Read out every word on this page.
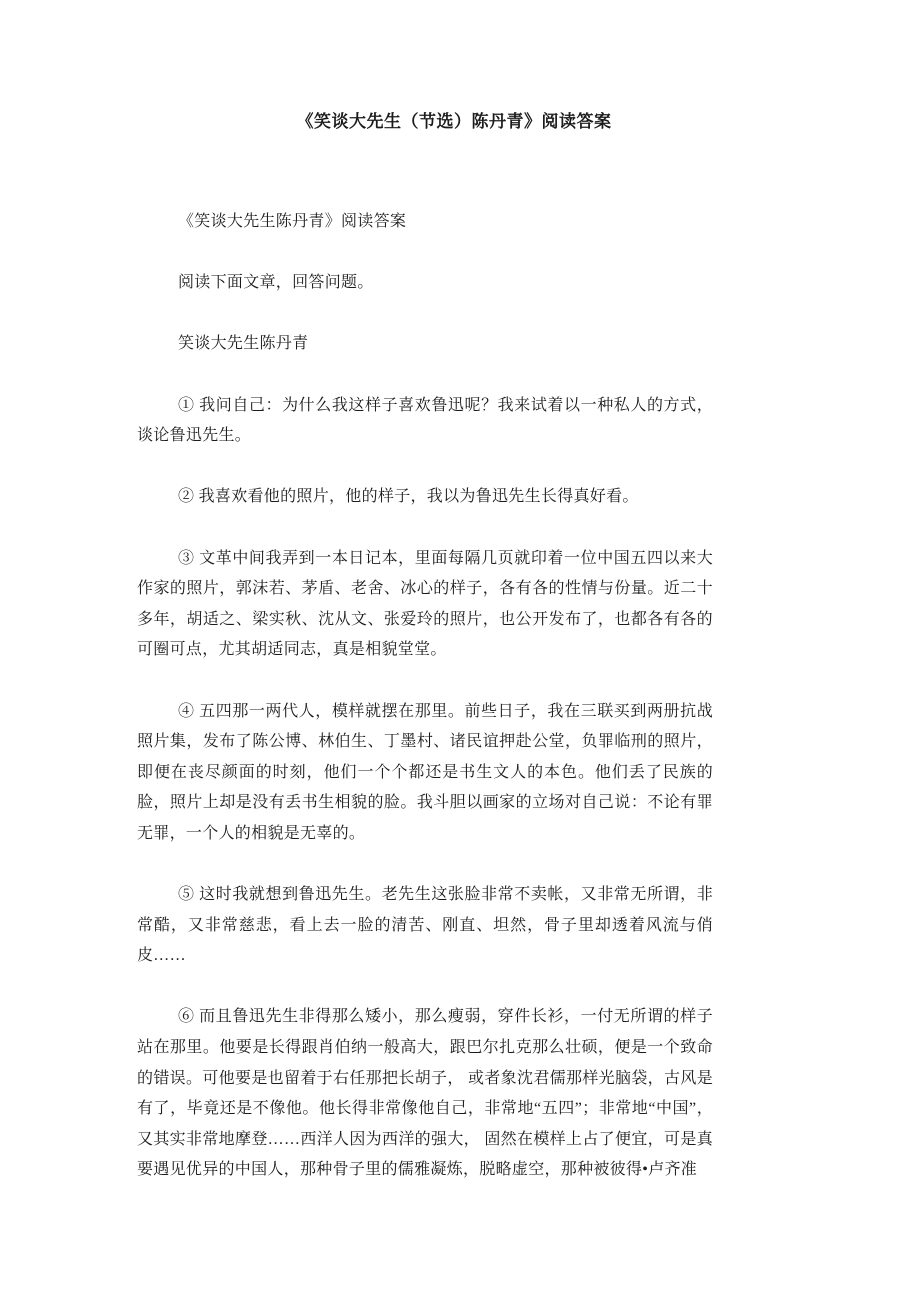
《笑谈大先生（节选）陈丹青》阅读答案

《笑谈大先生陈丹青》阅读答案

阅读下面文章，回答问题。

笑谈大先生陈丹青

① 我问自己：为什么我这样子喜欢鲁迅呢？我来试着以一种私人的方式，谈论鲁迅先生。

② 我喜欢看他的照片，他的样子，我以为鲁迅先生长得真好看。

③ 文革中间我弄到一本日记本，里面每隔几页就印着一位中国五四以来大作家的照片，郭沫若、茅盾、老舍、冰心的样子，各有各的性情与份量。近二十多年，胡适之、梁实秋、沈从文、张爱玲的照片，也公开发布了，也都各有各的可圈可点，尤其胡适同志，真是相貌堂堂。

④ 五四那一两代人，模样就摆在那里。前些日子，我在三联买到两册抗战照片集，发布了陈公博、林伯生、丁墨村、诸民谊押赴公堂，负罪临刑的照片，即便在丧尽颜面的时刻，他们一个个都还是书生文人的本色。他们丢了民族的脸，照片上却是没有丢书生相貌的脸。我斗胆以画家的立场对自己说：不论有罪无罪，一个人的相貌是无辜的。

⑤ 这时我就想到鲁迅先生。老先生这张脸非常不卖帐，又非常无所谓，非常酷，又非常慈悲，看上去一脸的清苦、刚直、坦然，骨子里却透着风流与俏皮……

⑥ 而且鲁迅先生非得那么矮小，那么瘦弱，穿件长衫，一付无所谓的样子站在那里。他要是长得跟肖伯纳一般高大，跟巴尔扎克那么壮硕，便是一个致命的错误。可他要是也留着于右任那把长胡子， 或者象沈君儒那样光脑袋，古风是有了，毕竟还是不像他。他长得非常像他自己，非常地“五四”；非常地“中国”，又其实非常地摩登……西洋人因为西洋的强大， 固然在模样上占了便宜，可是真要遇见优异的中国人，那种骨子里的儒雅凝炼，脱略虚空，那种被彼得•卢齐准
